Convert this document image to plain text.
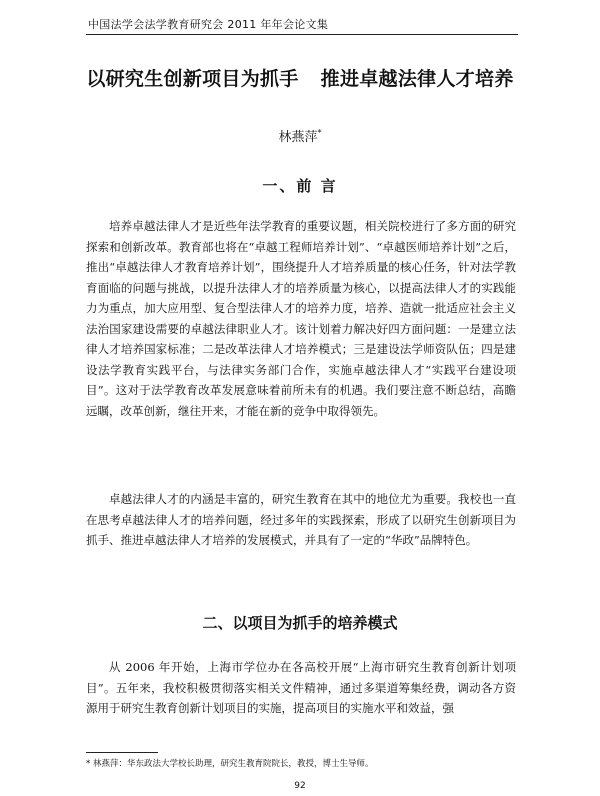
中国法学会法学教育研究会 2011 年年会论文集
以研究生创新项目为抓手 推进卓越法律人才培养
林燕萍*
一、前 言

培养卓越法律人才是近些年法学教育的重要议题，相关院校进行了多方面的研究探索和创新改革。教育部也将在“卓越工程师培养计划”、“卓越医师培养计划”之后，推出“卓越法律人才教育培养计划”，围绕提升人才培养质量的核心任务，针对法学教育面临的问题与挑战，以提升法律人才的培养质量为核心，以提高法律人才的实践能力为重点，加大应用型、复合型法律人才的培养力度，培养、造就一批适应社会主义法治国家建设需要的卓越法律职业人才。该计划着力解决好四方面问题：一是建立法律人才培养国家标准；二是改革法律人才培养模式；三是建设法学师资队伍；四是建设法学教育实践平台，与法律实务部门合作，实施卓越法律人才“实践平台建设项目”。这对于法学教育改革发展意味着前所未有的机遇。我们要注意不断总结，高瞻远瞩，改革创新，继往开来，才能在新的竞争中取得领先。

卓越法律人才的内涵是丰富的，研究生教育在其中的地位尤为重要。我校也一直在思考卓越法律人才的培养问题，经过多年的实践探索，形成了以研究生创新项目为抓手、推进卓越法律人才培养的发展模式，并具有了一定的“华政”品牌特色。

二、以项目为抓手的培养模式

从 2006 年开始，上海市学位办在各高校开展“上海市研究生教育创新计划项目”。五年来，我校积极贯彻落实相关文件精神，通过多渠道筹集经费，调动各方资源用于研究生教育创新计划项目的实施，提高项目的实施水平和效益，强

* 林燕萍：华东政法大学校长助理，研究生教育院院长，教授，博士生导师。
92
